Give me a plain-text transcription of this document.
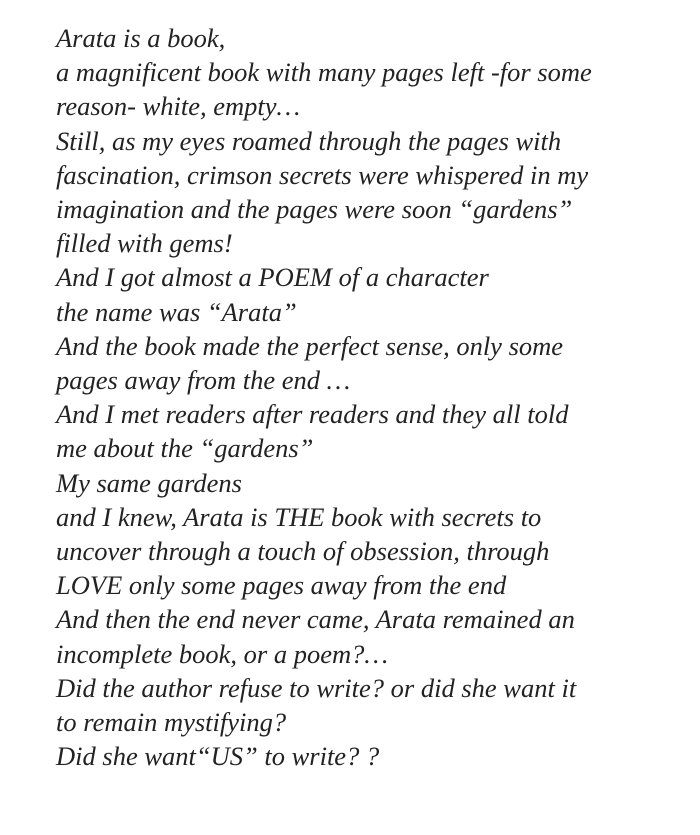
Arata is a book,

a magnificent book with many pages left -for some

reason- white, empty…

Still, as my eyes roamed through the pages with

fascination, crimson secrets were whispered in my

imagination and the pages were soon “gardens”

filled with gems!

And I got almost a POEM of a character

the name was “Arata”

And the book made the perfect sense, only some

pages away from the end …

And I met readers after readers and they all told

me about the “gardens”

My same gardens

and I knew, Arata is THE book with secrets to

uncover through a touch of obsession, through

LOVE only some pages away from the end

And then the end never came, Arata remained an

incomplete book, or a poem?…

Did the author refuse to write? or did she want it

to remain mystifying?

Did she want“US” to write? ?
